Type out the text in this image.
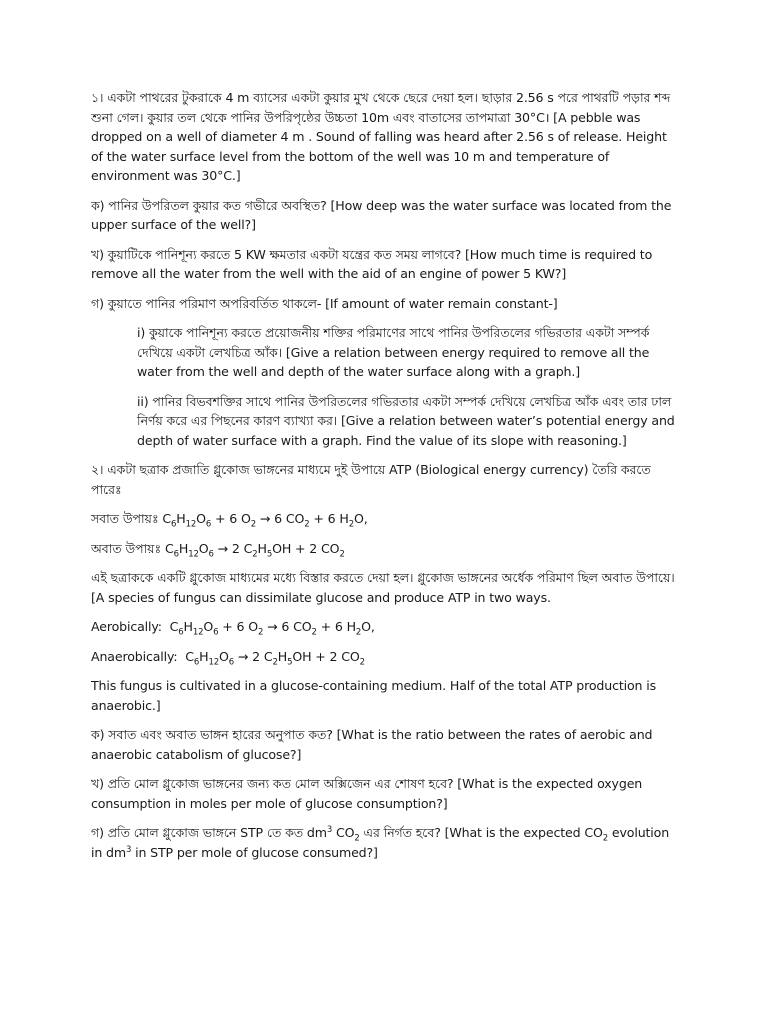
১। একটা পাথরের টুকরাকে 4 m ব্যাসের একটা কুয়ার মুখ থেকে ছেরে দেয়া হল। ছাড়ার 2.56 s পরে পাথরটি পড়ার শব্দ শুনা গেল। কুয়ার তল থেকে পানির উপরিপৃষ্ঠের উচ্চতা 10m এবং বাতাসের তাপমাত্রা 30°C। [A pebble was dropped on a well of diameter 4 m . Sound of falling was heard after 2.56 s of release. Height of the water surface level from the bottom of the well was 10 m and temperature of environment was 30°C.]

ক) পানির উপরিতল কুয়ার কত গভীরে অবস্থিত? [How deep was the water surface was located from the upper surface of the well?]

খ) কুয়াটিকে পানিশূন্য করতে 5 KW ক্ষমতার একটা যন্ত্রের কত সময় লাগবে? [How much time is required to remove all the water from the well with the aid of an engine of power 5 KW?]

গ) কুয়াতে পানির পরিমাণ অপরিবর্তিত থাকলে- [If amount of water remain constant-]

i) কুয়াকে পানিশূন্য করতে প্রয়োজনীয় শক্তির পরিমাণের সাথে পানির উপরিতলের গভিরতার একটা সম্পর্ক দেখিয়ে একটা লেখচিত্র আঁক। [Give a relation between energy required to remove all the water from the well and depth of the water surface along with a graph.]

ii) পানির বিভবশক্তির সাথে পানির উপরিতলের গভিরতার একটা সম্পর্ক দেখিয়ে লেখচিত্র আঁক এবং তার ঢাল নির্ণয় করে এর পিছনের কারণ ব্যাখ্যা কর। [Give a relation between water’s potential energy and depth of water surface with a graph. Find the value of its slope with reasoning.]

২। একটা ছত্রাক প্রজাতি গ্লুকোজ ভাঙ্গনের মাধ্যমে দুই উপায়ে ATP (Biological energy currency) তৈরি করতে পারেঃ

সবাত উপায়ঃ $C_6H_{12}O_6 + 6$ $O_2 \to 6$ $CO_2 + 6$ $H_2O$,

অবাত উপায়ঃ $C_6H_{12}O_6 \to 2$ $C_2H_5OH + 2$ $CO_2$

এই ছত্রাককে একটি গ্লুকোজ মাধ্যমের মধ্যে বিস্তার করতে দেয়া হল। গ্লুকোজ ভাঙ্গনের অর্ধেক পরিমাণ ছিল অবাত উপায়ে। [A species of fungus can dissimilate glucose and produce ATP in two ways.

Aerobically:  $C_6H_{12}O_6 + 6$ $O_2 \to 6$ $CO_2 + 6$ $H_2O$,

Anaerobically:  $C_6H_{12}O_6 \to 2$ $C_2H_5OH + 2$ $CO_2$

This fungus is cultivated in a glucose-containing medium. Half of the total ATP production is anaerobic.]

ক) সবাত এবং অবাত ভাঙ্গন হারের অনুপাত কত? [What is the ratio between the rates of aerobic and anaerobic catabolism of glucose?]

খ) প্রতি মোল গ্লুকোজ ভাঙ্গনের জন্য কত মোল অক্সিজেন এর শোষণ হবে? [What is the expected oxygen consumption in moles per mole of glucose consumption?]

গ) প্রতি মোল গ্লুকোজ ভাঙ্গনে STP তে কত $dm^3$ $CO_2$ এর নির্গত হবে? [What is the expected $CO_2$ evolution in $dm^3$ in STP per mole of glucose consumed?]
